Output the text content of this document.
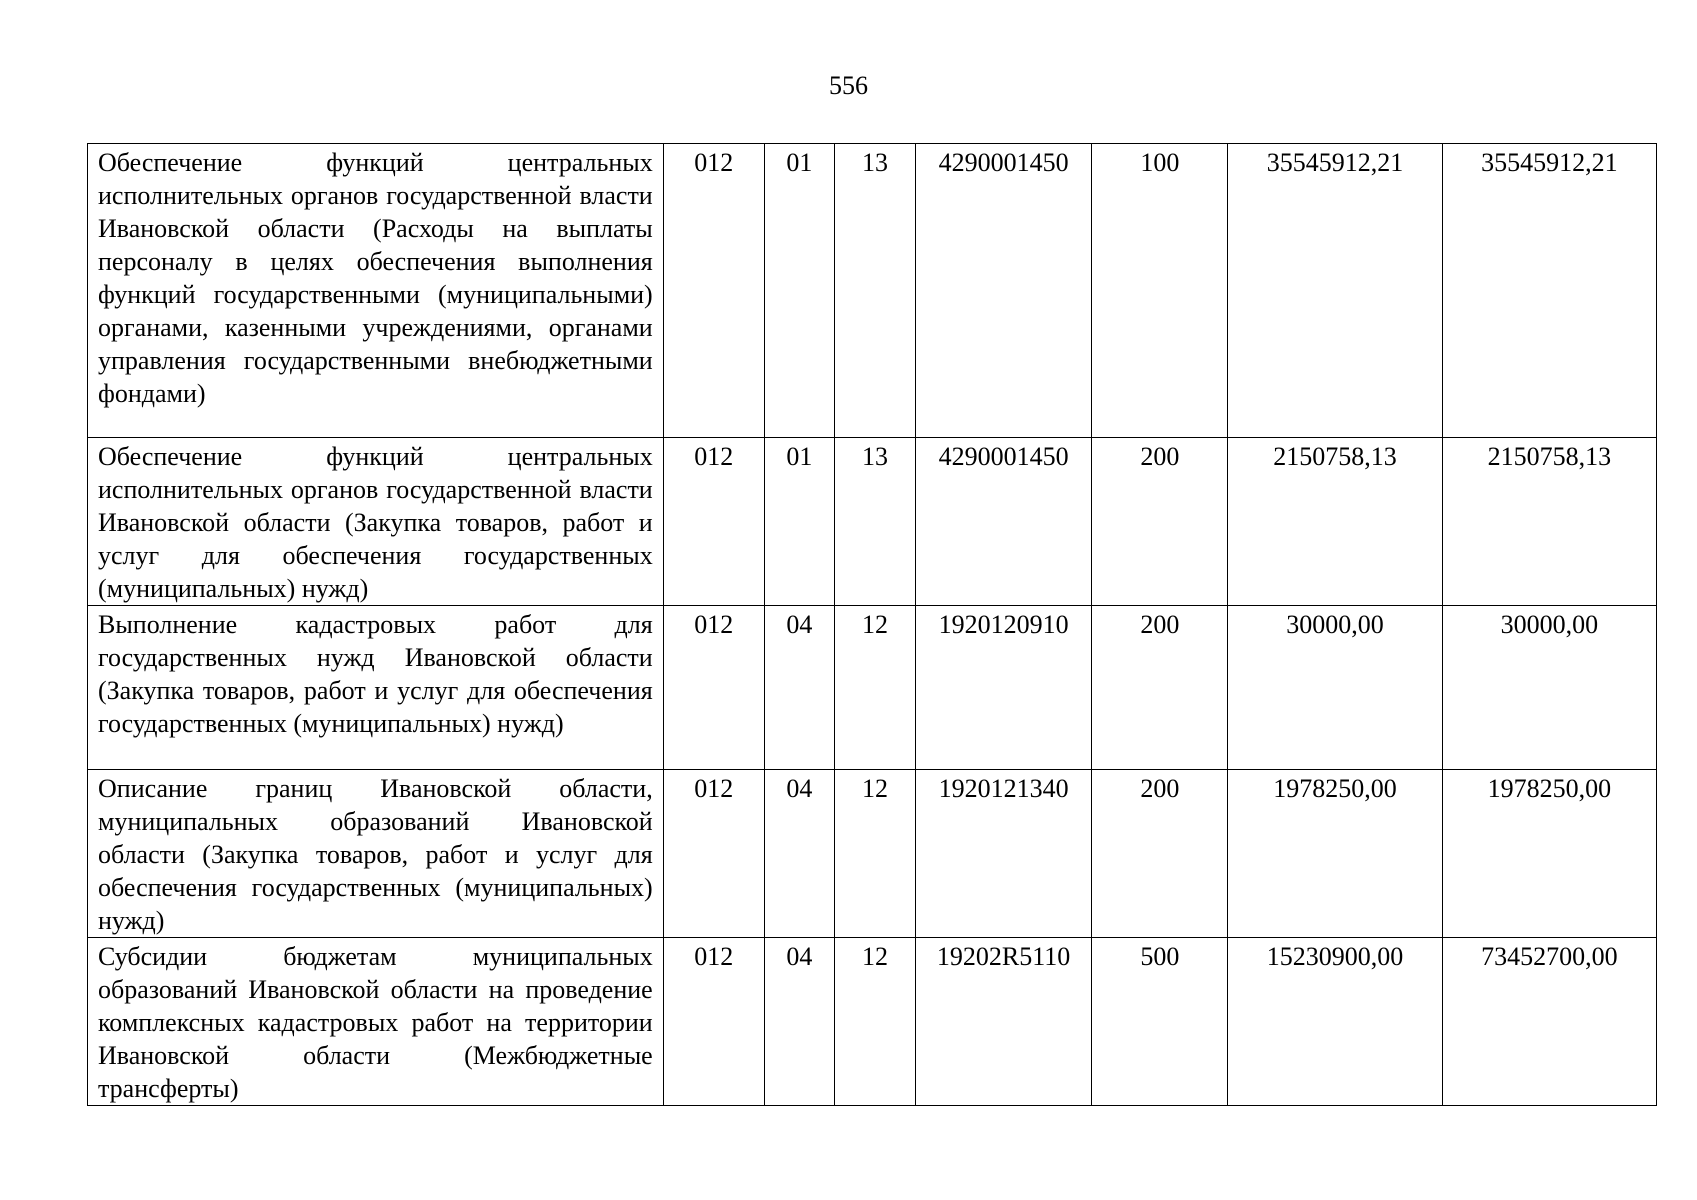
556
Обеспечение функций центральных исполнительных органов государственной власти Ивановской области (Расходы на выплаты персоналу в целях обеспечения выполнения функций государственными (муниципальными) органами, казенными учреждениями, органами управления государственными внебюджетными фондами)	012	01	13	4290001450	100	35545912,21	35545912,21
Обеспечение функций центральных исполнительных органов государственной власти Ивановской области (Закупка товаров, работ и услуг для обеспечения государственных (муниципальных) нужд)	012	01	13	4290001450	200	2150758,13	2150758,13
Выполнение кадастровых работ для государственных нужд Ивановской области (Закупка товаров, работ и услуг для обеспечения государственных (муниципальных) нужд)	012	04	12	1920120910	200	30000,00	30000,00
Описание границ Ивановской области, муниципальных образований Ивановской области (Закупка товаров, работ и услуг для обеспечения государственных (муниципальных) нужд)	012	04	12	1920121340	200	1978250,00	1978250,00
Субсидии бюджетам муниципальных образований Ивановской области на проведение комплексных кадастровых работ на территории Ивановской области (Межбюджетные трансферты)	012	04	12	19202R5110	500	15230900,00	73452700,00
